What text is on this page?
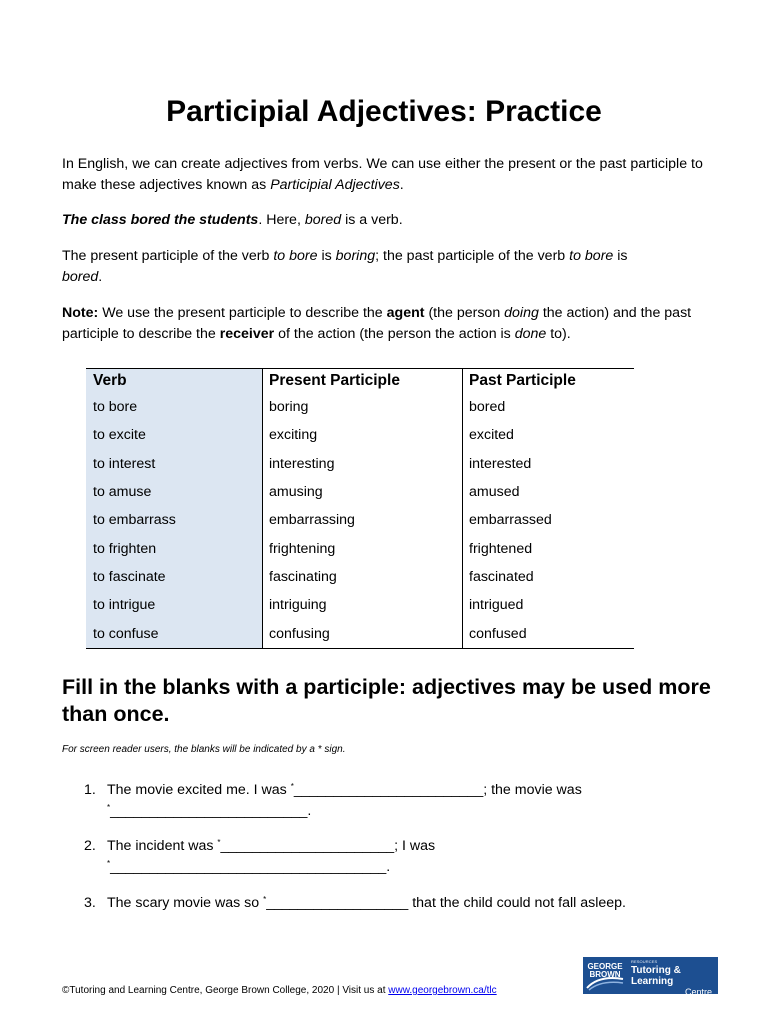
Participial Adjectives: Practice
In English, we can create adjectives from verbs. We can use either the present or the past participle to make these adjectives known as Participial Adjectives.
The class bored the students. Here, bored is a verb.
The present participle of the verb to bore is boring; the past participle of the verb to bore is
bored.
Note: We use the present participle to describe the agent (the person doing the action) and the past participle to describe the receiver of the action (the person the action is done to).
Verb	Present Participle	Past Participle
to bore	boring	bored
to excite	exciting	excited
to interest	interesting	interested
to amuse	amusing	amused
to embarrass	embarrassing	embarrassed
to frighten	frightening	frightened
to fascinate	fascinating	fascinated
to intrigue	intriguing	intrigued
to confuse	confusing	confused
Fill in the blanks with a participle: adjectives may be used more than once.
For screen reader users, the blanks will be indicated by a * sign.
1. The movie excited me. I was *________________________; the movie was
*_________________________.
2. The incident was *______________________; I was
*___________________________________.
3. The scary movie was so *__________________ that the child could not fall asleep.
©Tutoring and Learning Centre, George Brown College, 2020 | Visit us at www.georgebrown.ca/tlc
GEORGE BROWN
ACADEMIC SERVICES & LEARNING RESOURCES
Tutoring & Learning
Centre
